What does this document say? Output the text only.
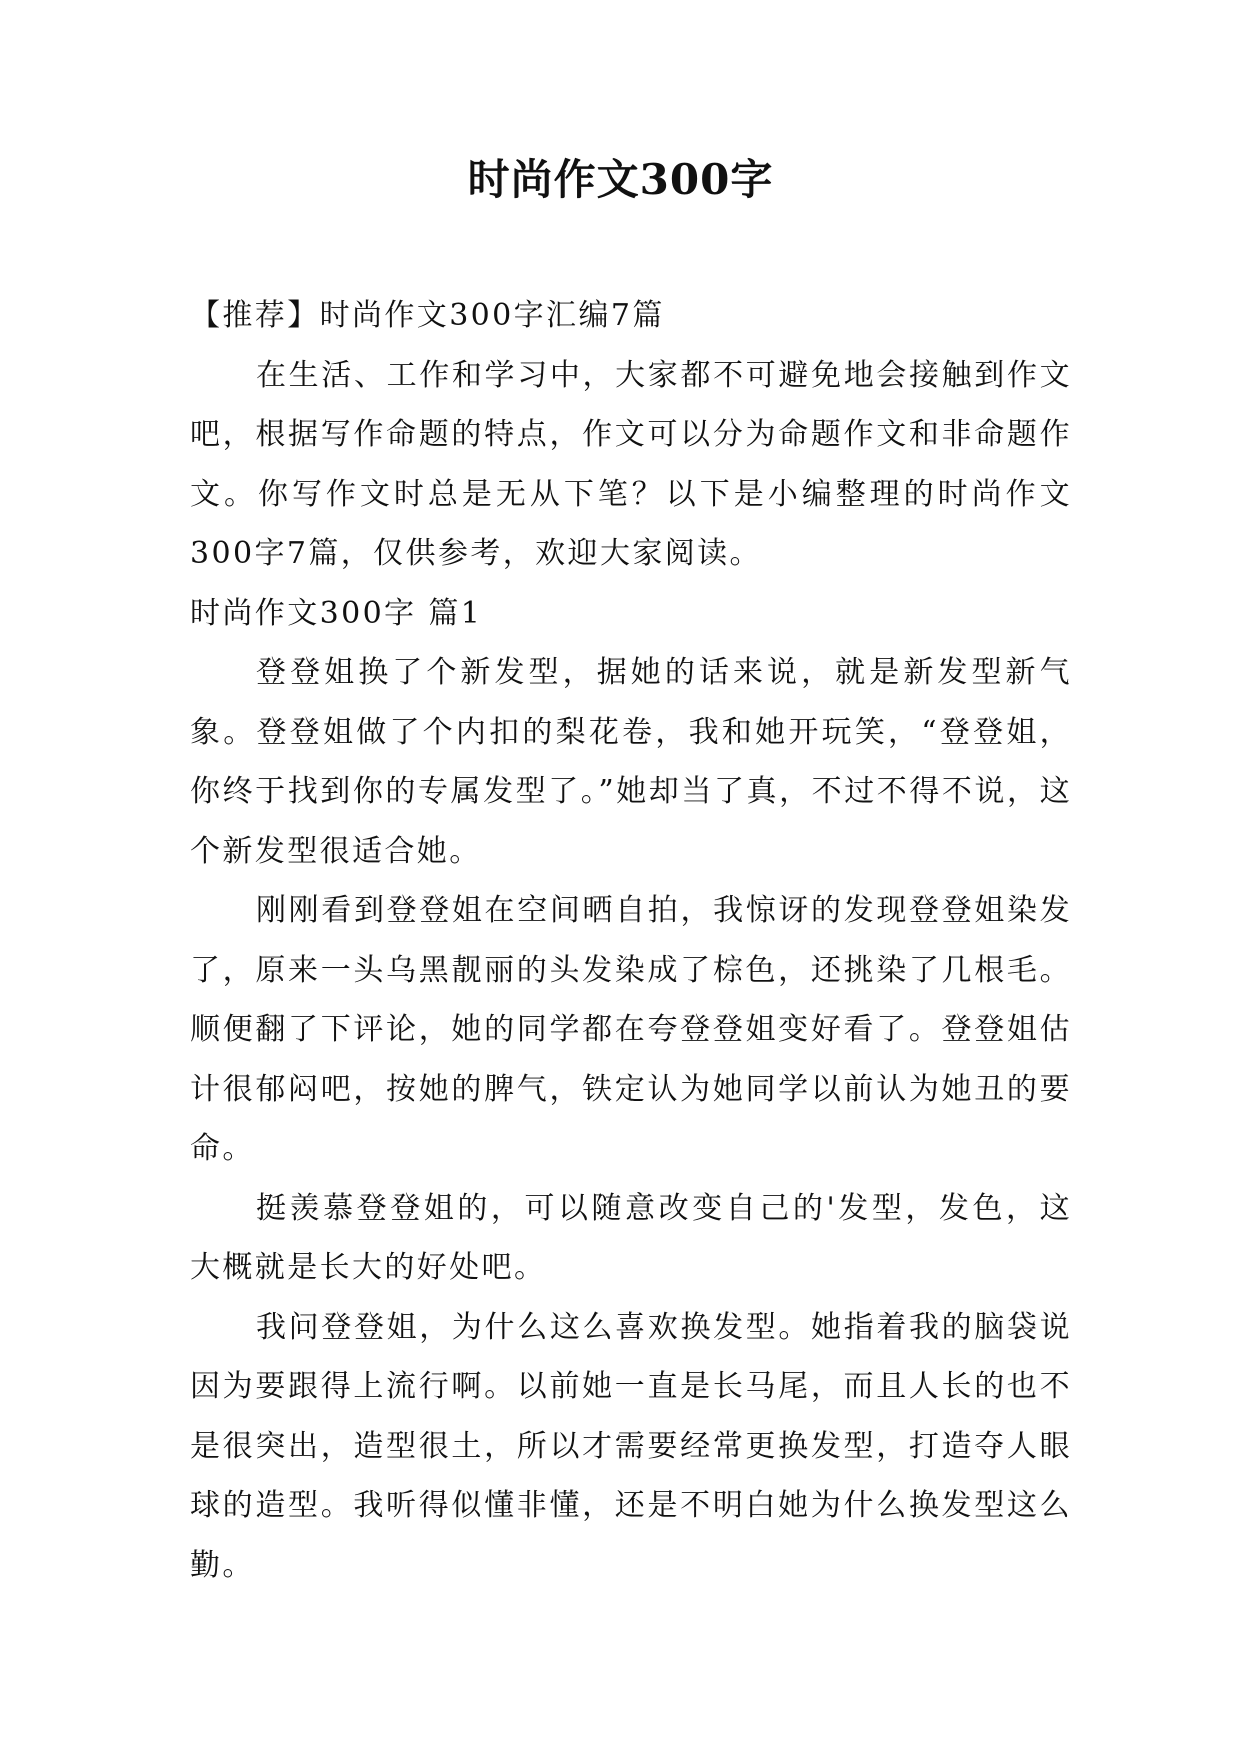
时尚作文300字

【推荐】时尚作文300字汇编7篇

在生活、工作和学习中，大家都不可避免地会接触到作文吧，根据写作命题的特点，作文可以分为命题作文和非命题作文。你写作文时总是无从下笔？以下是小编整理的时尚作文300字7篇，仅供参考，欢迎大家阅读。

时尚作文300字 篇1

登登姐换了个新发型，据她的话来说，就是新发型新气象。登登姐做了个内扣的梨花卷，我和她开玩笑，“登登姐，你终于找到你的专属发型了。”她却当了真，不过不得不说，这个新发型很适合她。

刚刚看到登登姐在空间晒自拍，我惊讶的发现登登姐染发了，原来一头乌黑靓丽的头发染成了棕色，还挑染了几根毛。顺便翻了下评论，她的同学都在夸登登姐变好看了。登登姐估计很郁闷吧，按她的脾气，铁定认为她同学以前认为她丑的要命。

挺羡慕登登姐的，可以随意改变自己的'发型，发色，这大概就是长大的好处吧。

我问登登姐，为什么这么喜欢换发型。她指着我的脑袋说因为要跟得上流行啊。以前她一直是长马尾，而且人长的也不是很突出，造型很土，所以才需要经常更换发型，打造夺人眼球的造型。我听得似懂非懂，还是不明白她为什么换发型这么勤。
